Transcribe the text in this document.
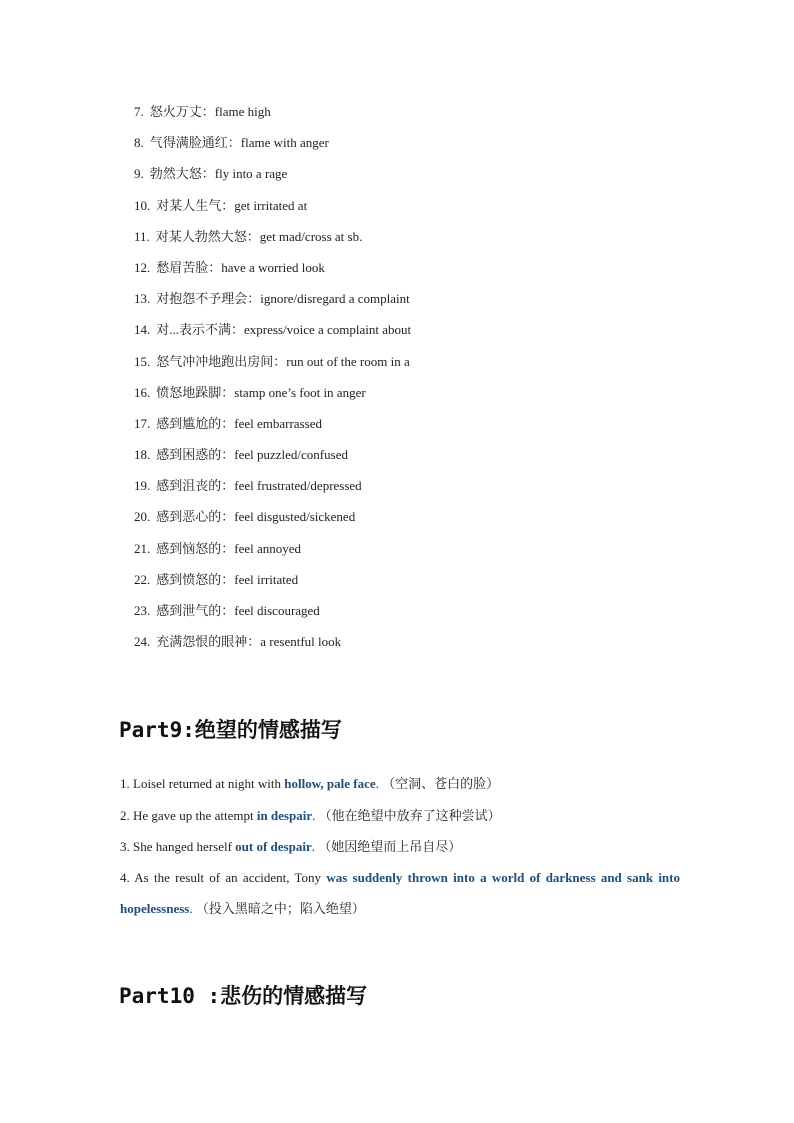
7. 怒火万丈：flame high
8. 气得满脸通红：flame with anger
9. 勃然大怒：fly into a rage
10. 对某人生气：get irritated at
11. 对某人勃然大怒：get mad/cross at sb.
12. 愁眉苦脸：have a worried look
13. 对抱怨不予理会：ignore/disregard a complaint
14. 对...表示不满：express/voice a complaint about
15. 怒气冲冲地跑出房间：run out of the room in a
16. 愤怒地跺脚：stamp one’s foot in anger
17. 感到尴尬的：feel embarrassed
18. 感到困惑的：feel puzzled/confused
19. 感到沮丧的：feel frustrated/depressed
20. 感到恶心的：feel disgusted/sickened
21. 感到恼怒的：feel annoyed
22. 感到愤怒的：feel irritated
23. 感到泄气的：feel discouraged
24. 充满怨恨的眼神：a resentful look
Part9:绝望的情感描写
1. Loisel returned at night with hollow, pale face. （空洞、苍白的脸）
2. He gave up the attempt in despair. （他在绝望中放弃了这种尝试）
3. She hanged herself out of despair. （她因绝望而上吊自尽）
4. As the result of an accident, Tony was suddenly thrown into a world of darkness and sank into hopelessness. （投入黑暗之中；陷入绝望）
Part10 :悲伤的情感描写
